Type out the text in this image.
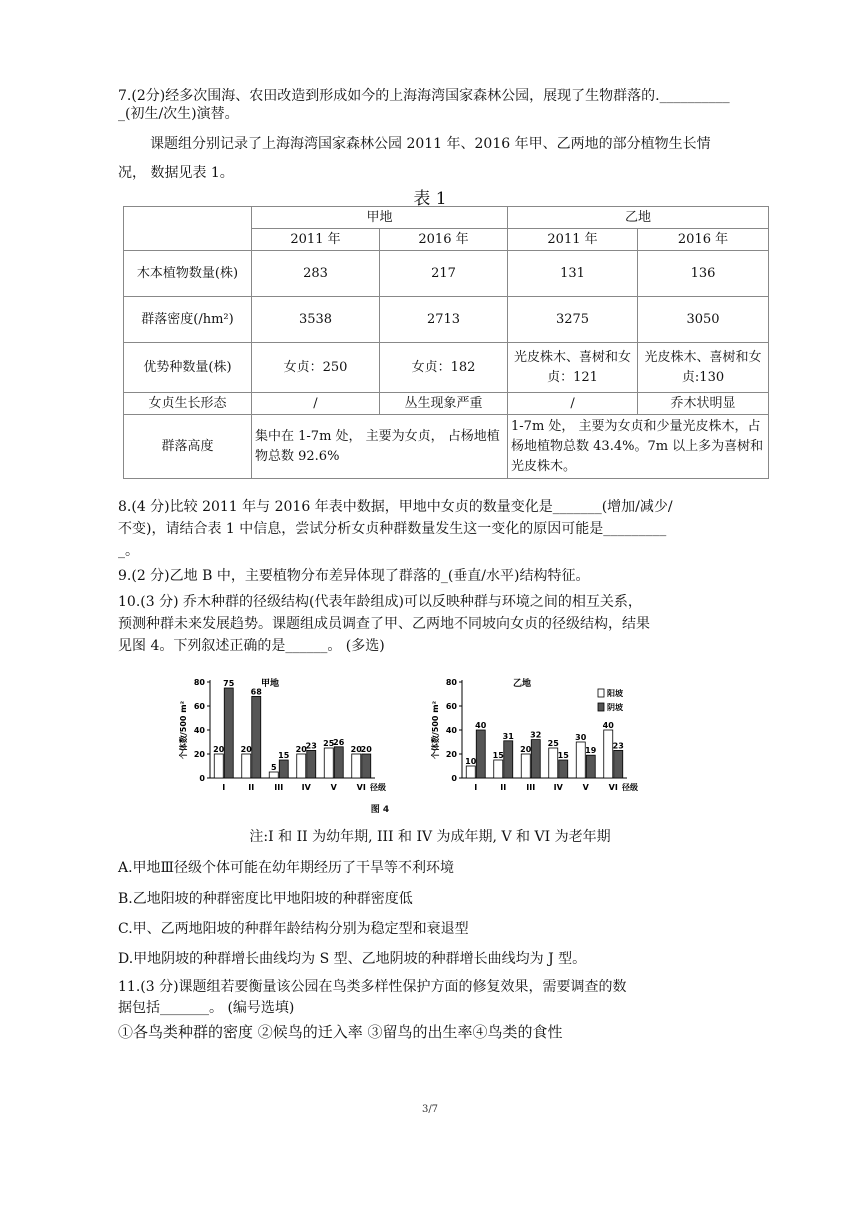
7.(2分)经多次围海、农田改造到形成如今的上海海湾国家森林公园，展现了生物群落的.__________
_(初生/次生)演替。
课题组分别记录了上海海湾国家森林公园 2011 年、2016 年甲、乙两地的部分植物生长情
况， 数据见表 1。
表 1
	甲地		乙地	
	2011 年	2016 年	2011 年	2016 年
木本植物数量(株)	283	217	131	136
群落密度(/hm²)	3538	2713	3275	3050
优势种数量(株)	女贞：250	女贞：182	光皮株木、喜树和女贞：121	光皮株木、喜树和女贞:130
女贞生长形态	/	丛生现象严重	/	乔木状明显
群落高度	集中在 1-7m 处， 主要为女贞， 占杨地植物总数 92.6%		1-7m 处， 主要为女贞和少量光皮株木，占杨地植物总数 43.4%。7m 以上多为喜树和光皮株木。	
8.(4 分)比较 2011 年与 2016 年表中数据，甲地中女贞的数量变化是_______(增加/减少/
不变)，请结合表 1 中信息，尝试分析女贞种群数量发生这一变化的原因可能是_________
_。
9.(2 分)乙地 B 中，主要植物分布差异体现了群落的_(垂直/水平)结构特征。
10.(3 分) 乔木种群的径级结构(代表年龄组成)可以反映种群与环境之间的相互关系，
预测种群未来发展趋势。课题组成员调查了甲、乙两地不同坡向女贞的径级结构，结果
见图 4。下列叙述正确的是______。 (多选)
0
20
40
60
80
个体数/500 m²
甲地
20
75
I
20
68
II
5
15
III
20
23
IV
25
26
V
20
20
VI 径级
0
20
40
60
80
个体数/500 m²
乙地
10
40
I
15
31
II
20
32
III
25
15
IV
30
19
V
40
23
VI 径级
阳坡
阴坡
图 4
注:I 和 II 为幼年期, III 和 IV 为成年期, V 和 VI 为老年期
A.甲地Ⅲ径级个体可能在幼年期经历了干旱等不利环境
B.乙地阳坡的种群密度比甲地阳坡的种群密度低
C.甲、乙两地阳坡的种群年龄结构分别为稳定型和衰退型
D.甲地阴坡的种群增长曲线均为 S 型、乙地阴坡的种群增长曲线均为 J 型。
11.(3 分)课题组若要衡量该公园在鸟类多样性保护方面的修复效果，需要调查的数
据包括_______。 (编号选填)
①各鸟类种群的密度 ②候鸟的迁入率 ③留鸟的出生率④鸟类的食性
3/7
